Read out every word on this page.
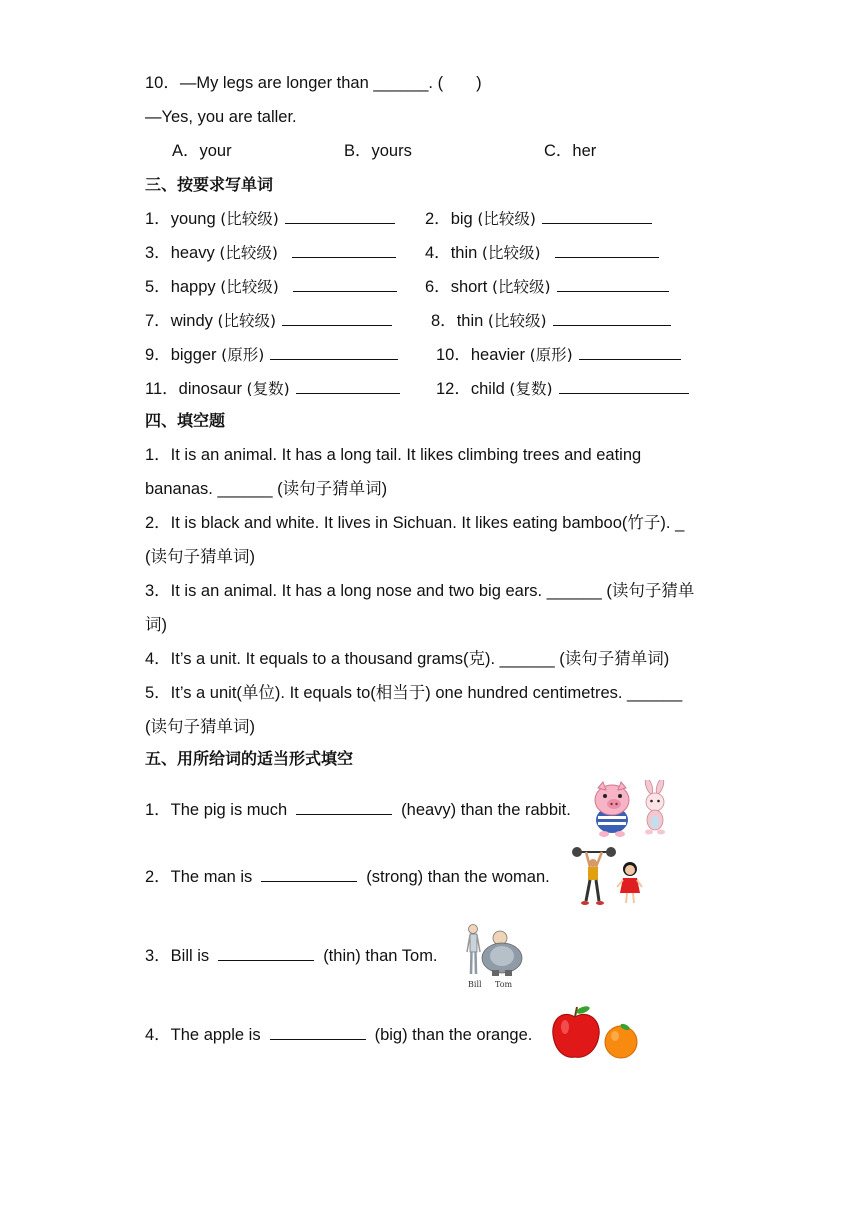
10．—My legs are longer than ______. (　　)
—Yes, you are taller.
A．your	B．yours	C．her
三、按要求写单词
1．young (比较级)	2．big (比较级)
3．heavy (比较级)	4．thin (比较级)
5．happy (比较级)	6．short (比较级)
7．windy (比较级)	8．thin (比较级)
9．bigger (原形)	10．heavier (原形)
11．dinosaur (复数)	12．child (复数)
四、填空题
1．It is an animal. It has a long tail. It likes climbing trees and eating
bananas. ______ (读句子猜单词)
2．It is black and white. It lives in Sichuan. It likes eating bamboo(竹子). _
(读句子猜单词)
3．It is an animal. It has a long nose and two big ears. ______ (读句子猜单
词)
4．It’s a unit. It equals to a thousand grams(克). ______ (读句子猜单词)
5．It’s a unit(单位). It equals to(相当于) one hundred centimetres. ______
(读句子猜单词)
五、用所给词的适当形式填空
1．The pig is much	(heavy) than the rabbit.
2．The man is	(strong) than the woman.
3．Bill is	(thin) than Tom.
4．The apple is	(big) than the orange.
Bill Tom
